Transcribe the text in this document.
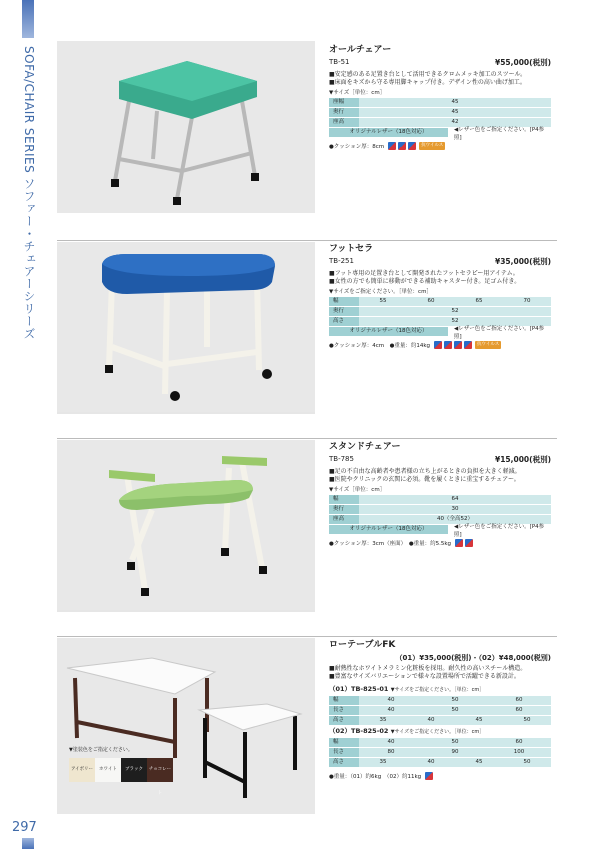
SOFA/CHAIR SERIES ソファー・チェアーシリーズ
297
オールチェアー
TB-51	¥55,000(税別)
■安定感のある足置き台として活用できるクロムメッキ加工のスツール。
■床面をキズから守る専用脚キャップ付き。デザイン性の高い曲げ加工。
▼サイズ［単位：cm］
座幅	45
奥行	45
座高	42
オリジナルレザー（18色対応）	◀レザー色をご指定ください。[P4参照]
●クッション厚：8cm	抗ウイルス
フットセラ
TB-251	¥35,000(税別)
■フット専用の足置き台として開発されたフットセラピー用アイテム。
■女性の方でも簡単に移動ができる補助キャスター付き。足ゴム付き。
▼サイズをご指定ください。［単位：cm］
幅	55	60	65	70
奥行	52
高さ	52
オリジナルレザー（18色対応）	◀レザー色をご指定ください。[P4参照]
●クッション厚：4cm　●重量：約14kg	抗ウイルス
スタンドチェアー
TB-785	¥15,000(税別)
■足の不自由な高齢者や患者様の立ち上がるときの負担を大きく軽減。
■医院やクリニックの玄関に必須。靴を履くときに重宝するチェアー。
▼サイズ［単位：cm］
幅	64
奥行	30
座高	40（全高52）
オリジナルレザー（18色対応）	◀レザー色をご指定ください。[P4参照]
●クッション厚：3cm（座面）　●重量：約5.5kg
▼塗装色をご指定ください。
アイボリー	ホワイト	ブラック	チョコレート
ローテーブルFK
（01）¥35,000(税別)・（02）¥48,000(税別)
■耐熱性なホワイトメラミン化粧板を採用。耐久性の高いスチール構造。
■豊富なサイズバリエーションで様々な設置場所で活躍できる新設計。
（01）TB-825-01 ▼サイズをご指定ください。［単位：cm］
幅	40	50	60
長さ	40	50	60
高さ	35	40	45	50
（02）TB-825-02 ▼サイズをご指定ください。［単位：cm］
幅	40	50	60
長さ	80	90	100
高さ	35	40	45	50
●重量：（01）約6kg　（02）約11kg
